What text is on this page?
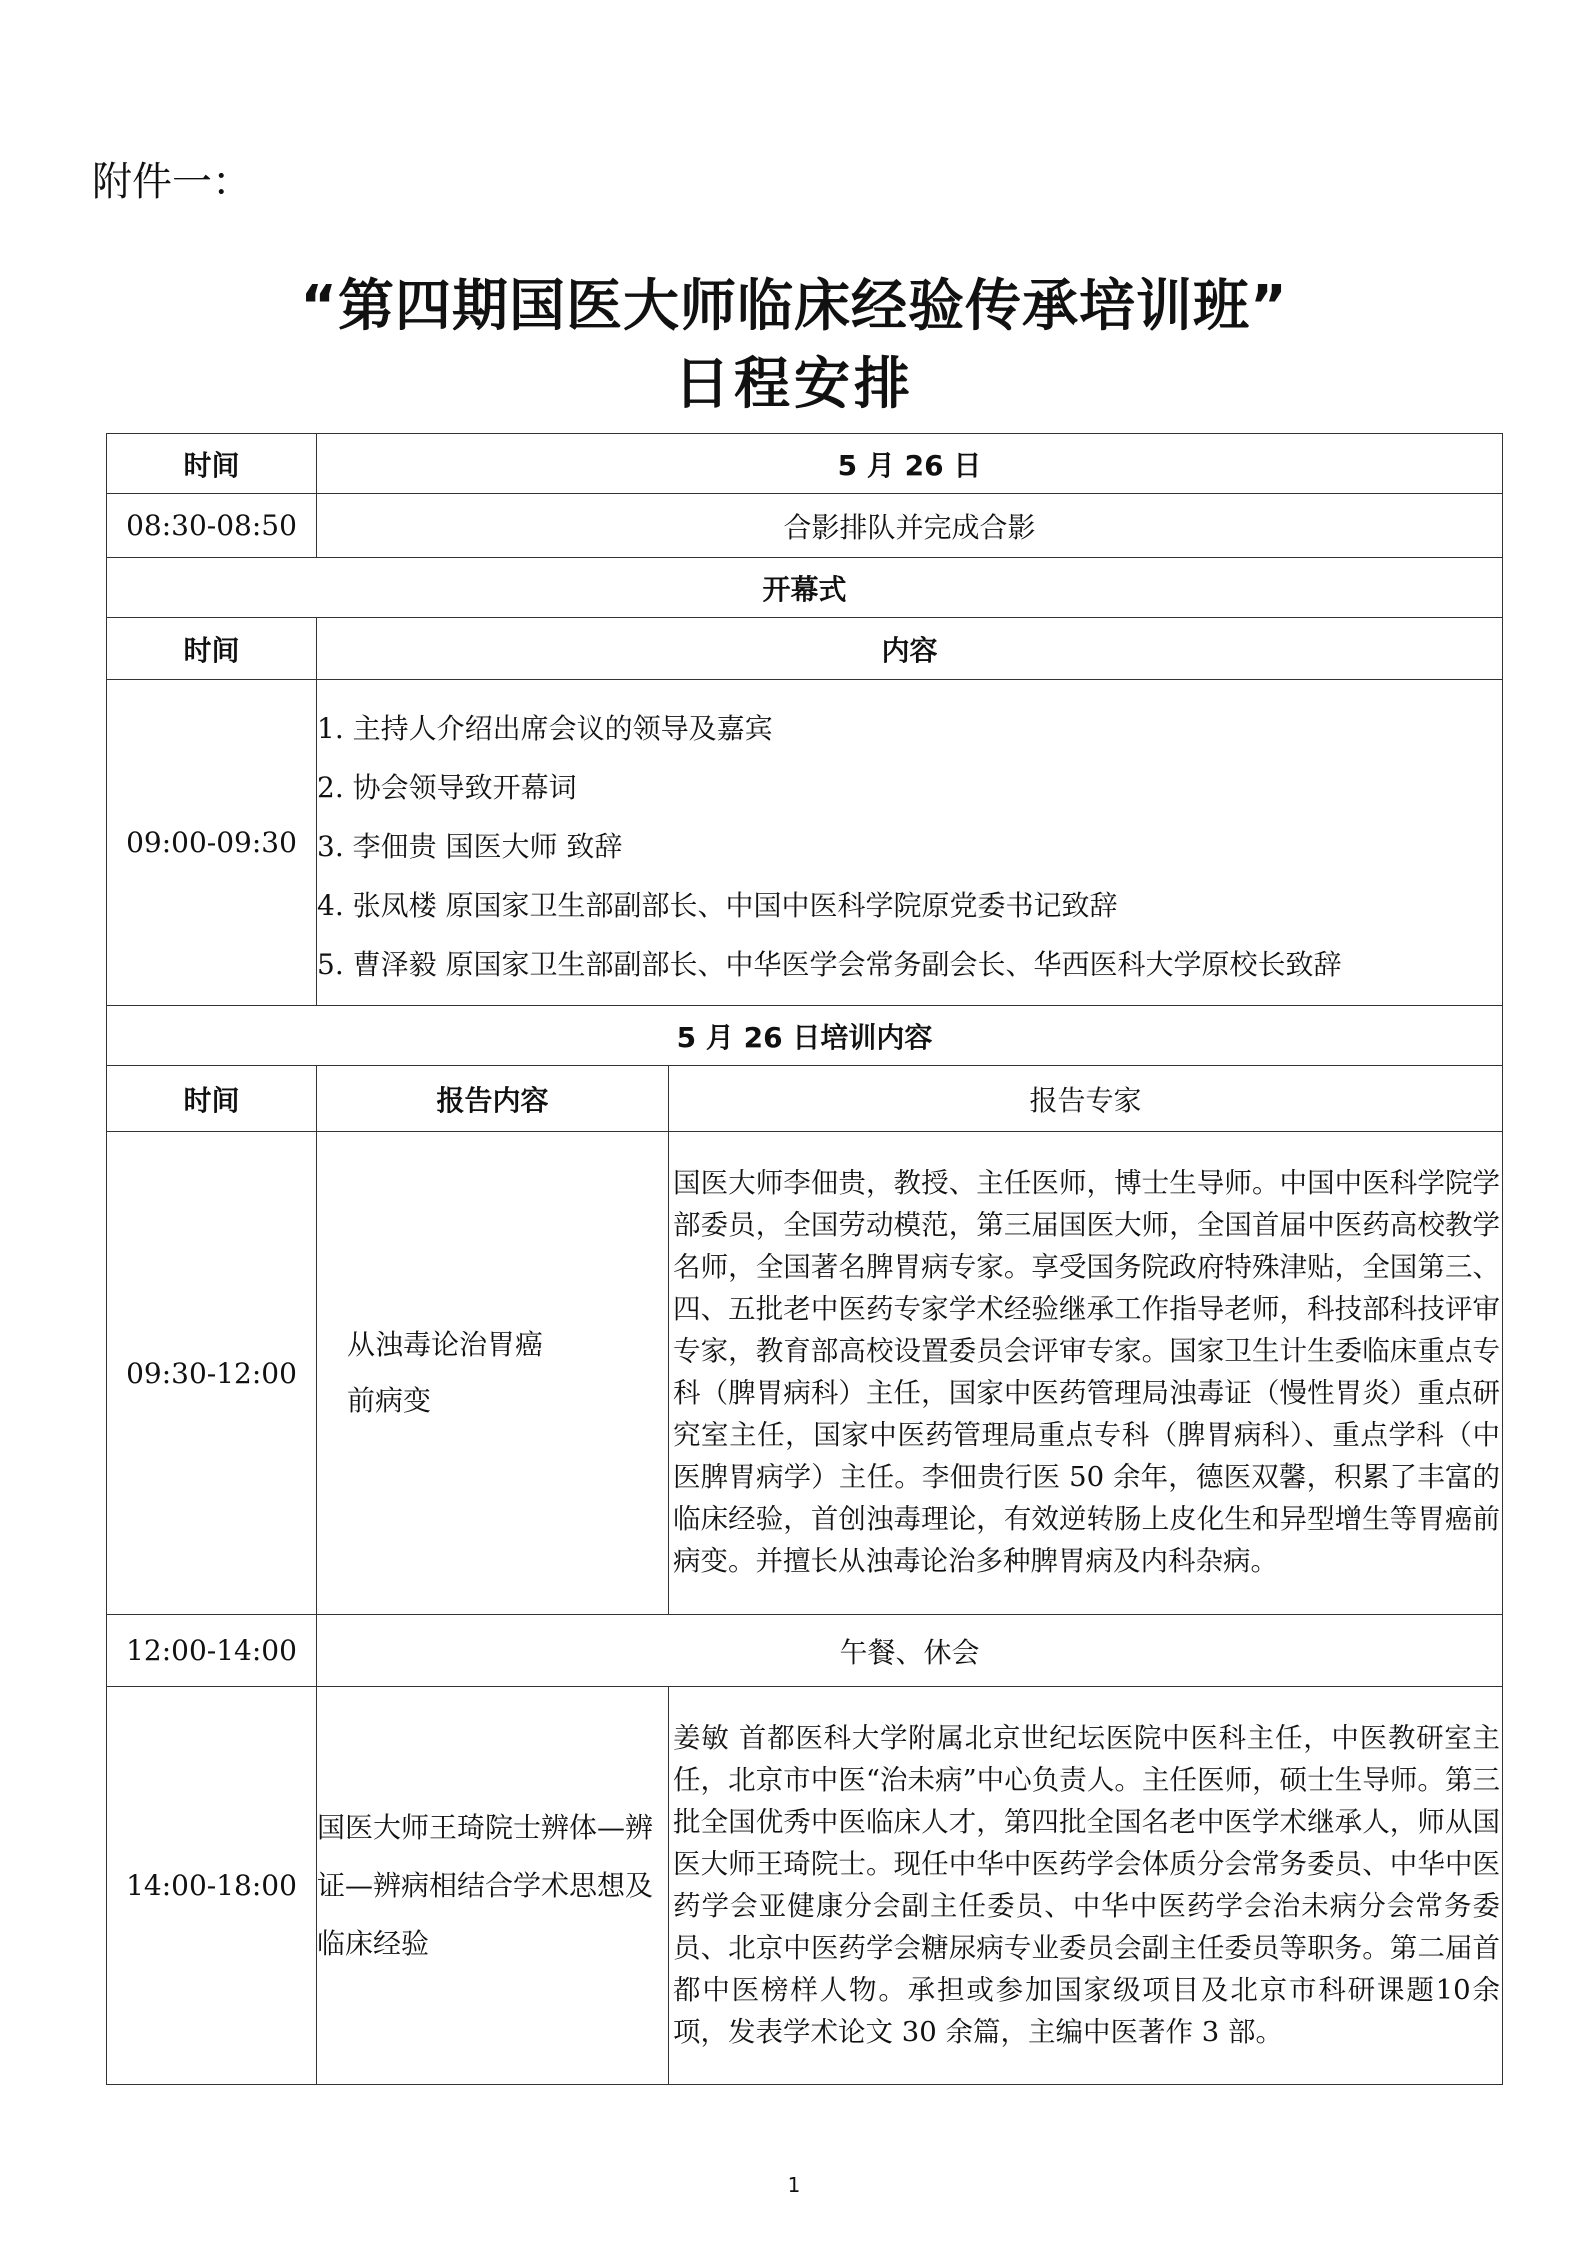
附件一：
“第四期国医大师临床经验传承培训班”
日程安排
时间	5 月 26 日	
08:30-08:50	合影排队并完成合影	
开幕式		
时间	内容	
09:00-09:30	1. 主持人介绍出席会议的领导及嘉宾
2. 协会领导致开幕词
3. 李佃贵 国医大师 致辞
4. 张凤楼 原国家卫生部副部长、中国中医科学院原党委书记致辞
5. 曹泽毅 原国家卫生部副部长、中华医学会常务副会长、华西医科大学原校长致辞	

5 月 26 日培训内容		
时间	报告内容	报告专家
09:30-12:00	从浊毒论治胃癌
前病变	国医大师李佃贵，教授、主任医师，博士生导师。中国中医科学院学部委员，全国劳动模范，第三届国医大师，全国首届中医药高校教学名师，全国著名脾胃病专家。享受国务院政府特殊津贴，全国第三、四、五批老中医药专家学术经验继承工作指导老师，科技部科技评审专家，教育部高校设置委员会评审专家。国家卫生计生委临床重点专科（脾胃病科）主任，国家中医药管理局浊毒证（慢性胃炎）重点研究室主任，国家中医药管理局重点专科（脾胃病科）、重点学科（中医脾胃病学）主任。李佃贵行医 50 余年，德医双馨，积累了丰富的临床经验，首创浊毒理论，有效逆转肠上皮化生和异型增生等胃癌前病变。并擅长从浊毒论治多种脾胃病及内科杂病。
12:00-14:00	午餐、休会	
14:00-18:00	国医大师王琦院士辨体—辨证—辨病相结合学术思想及临床经验	姜敏 首都医科大学附属北京世纪坛医院中医科主任，中医教研室主任，北京市中医“治未病”中心负责人。主任医师，硕士生导师。第三批全国优秀中医临床人才，第四批全国名老中医学术继承人，师从国医大师王琦院士。现任中华中医药学会体质分会常务委员、中华中医药学会亚健康分会副主任委员、中华中医药学会治未病分会常务委员、北京中医药学会糖尿病专业委员会副主任委员等职务。第二届首都中医榜样人物。承担或参加国家级项目及北京市科研课题10余项，发表学术论文 30 余篇，主编中医著作 3 部。
1
